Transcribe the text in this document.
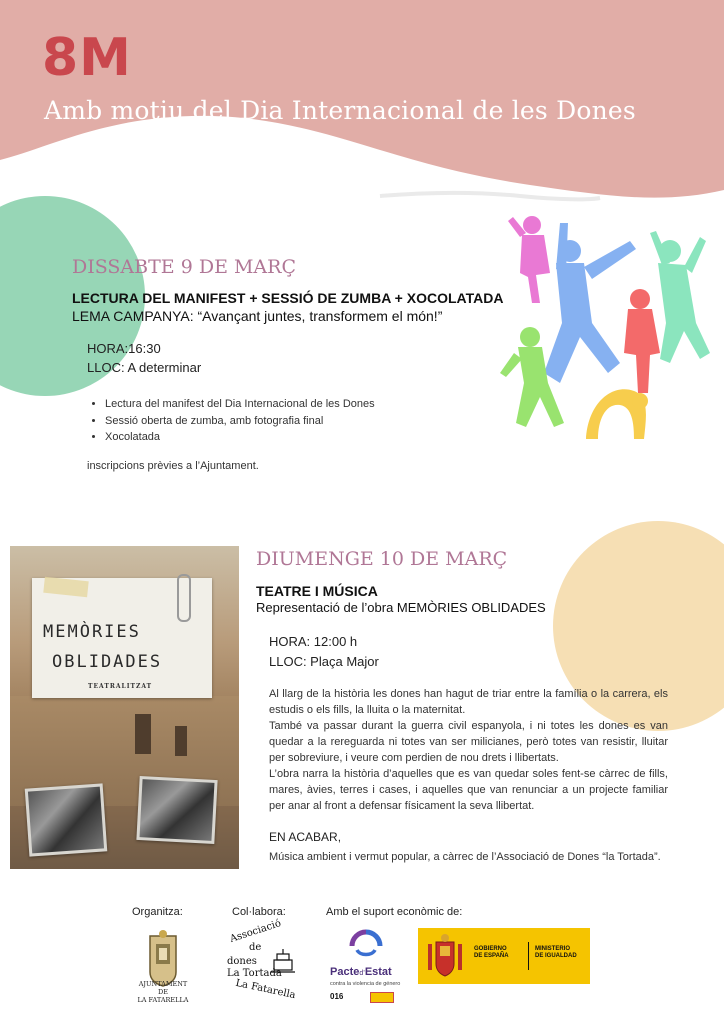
8M
Amb motiu del Dia Internacional de les Dones
DISSABTE 9 DE MARÇ
LECTURA DEL MANIFEST + SESSIÓ DE ZUMBA + XOCOLATADA
LEMA CAMPANYA: “Avançant juntes, transformem el món!”
HORA:16:30
LLOC: A determinar
• Lectura del manifest del Dia Internacional de les Dones
• Sessió oberta de zumba, amb fotografia final
• Xocolatada
inscripcions prèvies a l’Ajuntament.
MEMÒRIES
OBLIDADES
TEATRALITZAT
DIUMENGE 10 DE MARÇ
TEATRE I MÚSICA
Representació de l’obra MEMÒRIES OBLIDADES
HORA: 12:00 h
LLOC: Plaça Major

Al llarg de la història les dones han hagut de triar entre la família o la carrera, els estudis o els fills, la lluita o la maternitat.

També va passar durant la guerra civil espanyola, i ni totes les dones es van quedar a la rereguarda ni totes van ser milicianes, però totes van resistir, lluitar per sobreviure, i veure com perdien de nou drets i llibertats.

L’obra narra la història d’aquelles que es van quedar soles fent-se càrrec de fills, mares, àvies, terres i cases, i aquelles que van renunciar a un projecte familiar per anar al front a defensar físicament la seva llibertat.

EN ACABAR,
Música ambient i vermut popular, a càrrec de l’Associació de Dones “la Tortada”.
Organitza:	Col·labora:	Amb el suport econòmic de:
AJUNTAMENT
DE
LA FATARELLA
Associació
de
dones
La Tortada
La Fatarella
Pacted’Estat
contra la violencia de género
016
GOBIERNO
DE ESPAÑA
MINISTERIO
DE IGUALDAD
